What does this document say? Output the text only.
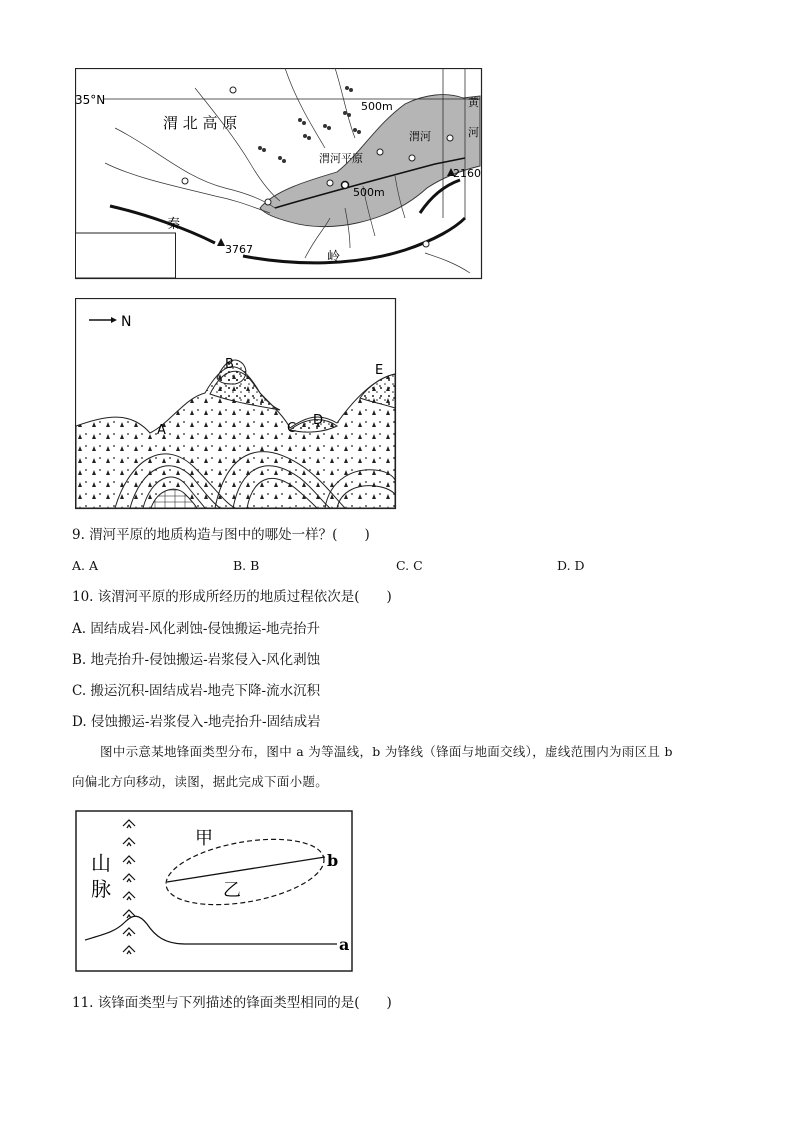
35°N
渭 北 高 原
渭河平原
渭河
黄
河
500m
500m
2160
3767
秦
岭
N
A
B
C
D
E
9. 渭河平原的地质构造与图中的哪处一样？(　　)
A. A	B. B	C. C	D. D
10. 该渭河平原的形成所经历的地质过程依次是(　　)
A. 固结成岩-风化剥蚀-侵蚀搬运-地壳抬升
B. 地壳抬升-侵蚀搬运-岩浆侵入-风化剥蚀
C. 搬运沉积-固结成岩-地壳下降-流水沉积
D. 侵蚀搬运-岩浆侵入-地壳抬升-固结成岩
图中示意某地锋面类型分布，图中 a 为等温线，b 为锋线（锋面与地面交线），虚线范围内为雨区且 b
向偏北方向移动，读图，据此完成下面小题。
山
脉
甲
乙
b
a
11. 该锋面类型与下列描述的锋面类型相同的是(　　)
